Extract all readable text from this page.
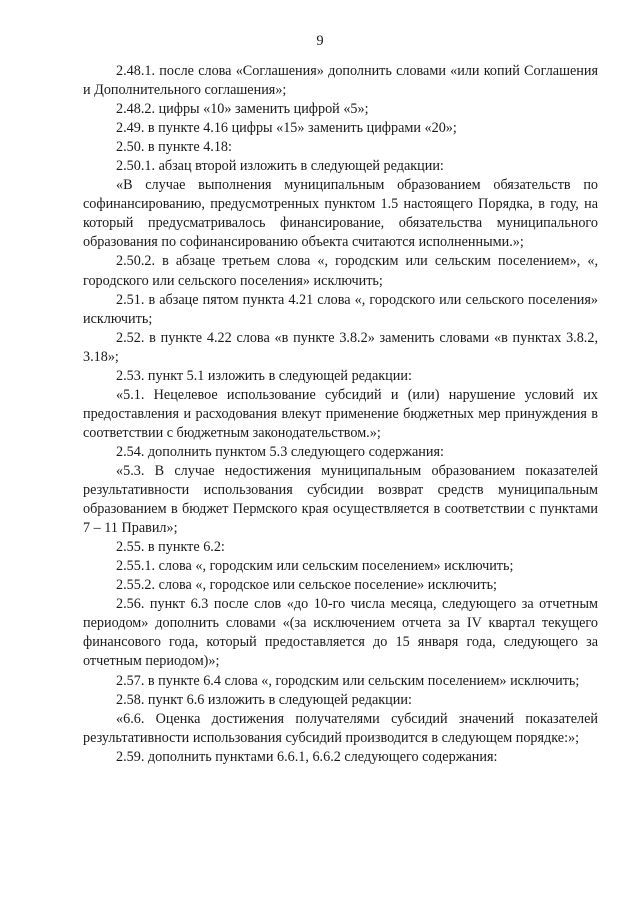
9

2.48.1. после слова «Соглашения» дополнить словами «или копий Соглашения и Дополнительного соглашения»;

2.48.2. цифры «10» заменить цифрой «5»;

2.49. в пункте 4.16 цифры «15» заменить цифрами «20»;

2.50. в пункте 4.18:

2.50.1. абзац второй изложить в следующей редакции:

«В случае выполнения муниципальным образованием обязательств по софинансированию, предусмотренных пунктом 1.5 настоящего Порядка, в году, на который предусматривалось финансирование, обязательства муниципального образования по софинансированию объекта считаются исполненными.»;

2.50.2. в абзаце третьем слова «, городским или сельским поселением», «, городского или сельского поселения» исключить;

2.51. в абзаце пятом пункта 4.21 слова «, городского или сельского поселения» исключить;

2.52. в пункте 4.22 слова «в пункте 3.8.2» заменить словами «в пунктах 3.8.2, 3.18»;

2.53. пункт 5.1 изложить в следующей редакции:

«5.1. Нецелевое использование субсидий и (или) нарушение условий их предоставления и расходования влекут применение бюджетных мер принуждения в соответствии с бюджетным законодательством.»;

2.54. дополнить пунктом 5.3 следующего содержания:

«5.3. В случае недостижения муниципальным образованием показателей результативности использования субсидии возврат средств муниципальным образованием в бюджет Пермского края осуществляется в соответствии с пунктами 7 – 11 Правил»;

2.55. в пункте 6.2:

2.55.1. слова «, городским или сельским поселением» исключить;

2.55.2. слова «, городское или сельское поселение» исключить;

2.56. пункт 6.3 после слов «до 10-го числа месяца, следующего за отчетным периодом» дополнить словами «(за исключением отчета за IV квартал текущего финансового года, который предоставляется до 15 января года, следующего за отчетным периодом)»;

2.57. в пункте 6.4 слова «, городским или сельским поселением» исключить;

2.58. пункт 6.6 изложить в следующей редакции:

«6.6. Оценка достижения получателями субсидий значений показателей результативности использования субсидий производится в следующем порядке:»;

2.59. дополнить пунктами 6.6.1, 6.6.2 следующего содержания:
